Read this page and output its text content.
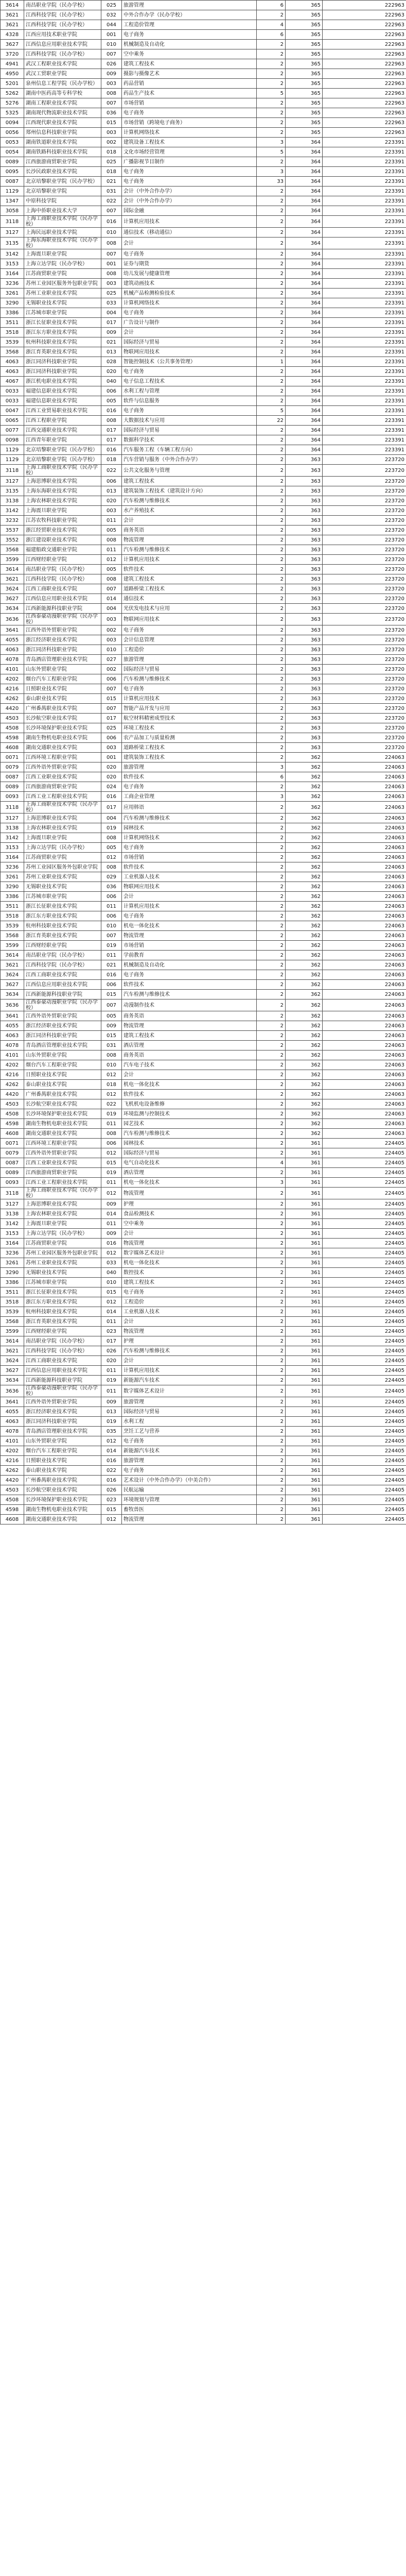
3614	南昌职业学院（民办学校）	025	旅游管理	6	365	222963
3621	江西科技学院（民办学校）	032	中外合作办学（民办学校）	2	365	222963
3621	江西科技学院（民办学校）	044	工程造价管理	4	365	222963
4328	江西应用技术职业学院	001	电子商务	6	365	222963
3627	江西信息应用职业技术学院	010	机械制造及自动化	2	365	222963
3720	江西科技学院（民办学校）	007	空中乘务	2	365	222963
4941	武汉工程职业技术学院	026	建筑工程技术	2	365	222963
4950	武汉工贸职业学院	009	摄影与摄像艺术	2	365	222963
5201	泉州信息工程学院（民办学校）	003	药品营销	2	365	222963
5262	湖南中医药高等专科学校	008	药品生产技术	5	365	222963
5276	湖南工程职业技术学院	007	市场营销	2	365	222963
5325	湖南现代物流职业技术学院	036	电子商务	2	365	222963
0094	江西现代职业技术学院	015	市场营销（跨境电子商务）	2	365	222963
0056	郑州信息科技职业学院	003	计算机网络技术	2	365	222963
0053	湖南铁道职业技术学院	002	建筑设备工程技术	3	364	223391
0054	湖南铁路科技职业技术学院	018	文化市场经营管理	5	364	223391
0089	江西旅游商贸职业学院	025	广播影视节目制作	2	364	223391
0095	长沙民政职业技术学院	018	电子商务	3	364	223391
0087	北京培黎职业学院（民办学校）	021	电子商务	33	364	223391
1129	北京培黎职业学院	031	会计（中外合作办学）	2	364	223391
1347	中原科技学院	022	会计（中外合作办学）	2	364	223391
3058	上海中侨职业技术大学	007	国际金融	2	364	223391
3118	上海工商职业技术学院（民办学校）	016	计算机应用技术	2	364	223391
3127	上海民远职业技术学院	010	通信技术（移动通信）	2	364	223391
3135	上海东海职业技术学院（民办学校）	008	会计	2	364	223391
3142	上海震旦职业学院	007	电子商务	2	364	223391
3153	上海立达学院（民办学校）	001	证券与期货	2	364	223391
3164	江苏商贸职业学院	008	幼儿发展与健康管理	2	364	223391
3236	苏州工业园区服务外包职业学院	003	建筑动画技术	2	364	223391
3261	苏州工业职业技术学院	025	机械产品检测检验技术	2	364	223391
3290	无锡职业技术学院	033	计算机网络技术	2	364	223391
3386	江苏城市职业学院	004	电子商务	2	364	223391
3511	浙江长征职业技术学院	017	广告设计与制作	2	364	223391
3518	浙江东方职业技术学院	009	会计	2	364	223391
3539	杭州科技职业技术学院	021	国际经济与贸易	2	364	223391
3568	浙江育英职业技术学院	013	物联网应用技术	2	364	223391
4063	浙江同济科技职业学院	028	智能控制技术（公共事务管理）	1	364	223391
4063	浙江同济科技职业学院	020	电子商务	2	364	223391
4067	浙江机电职业技术学院	040	电子信息工程技术	2	364	223391
0033	福建信息职业技术学院	006	水利工程与管理	2	364	223391
0033	福建信息职业技术学院	005	软件与信息服务	2	364	223391
0047	江西工业贸易职业技术学院	016	电子商务	5	364	223391
0065	江西工程职业学院	008	大数据技术与应用	22	364	223391
0077	江西交通职业技术学院	017	国际经济与贸易	2	364	223391
0098	江西青年职业学院	017	数据科学技术	2	364	223391
1129	北京培黎职业学院（民办学校）	016	汽车服务工程（车辆工程方向）	2	364	223391
1129	北京培黎职业学院（民办学校）	018	汽车营销与服务（中外合作办学）	2	363	223720
3118	上海工商职业技术学院（民办学校）	022	公共文化服务与管理	2	363	223720
3127	上海思博职业技术学院	006	建筑工程技术	2	363	223720
3135	上海东海职业技术学院	013	建筑装饰工程技术（建筑设计方向）	2	363	223720
3138	上海农林职业技术学院	020	汽车检测与维修技术	2	363	223720
3142	上海震旦职业学院	003	水产养殖技术	2	363	223720
3232	江苏农牧科技职业学院	011	会计	2	363	223720
3537	浙江经贸职业技术学院	005	商务英语	2	363	223720
3552	浙江建设职业技术学院	008	物流管理	2	363	223720
3568	福建船政交通职业学院	011	汽车检测与维修技术	2	363	223720
3599	江西财经职业学院	012	计算机应用技术	2	363	223720
3614	南昌职业学院（民办学校）	005	软件技术	2	363	223720
3621	江西科技学院（民办学校）	008	建筑工程技术	2	363	223720
3624	江西工商职业技术学院	007	道路桥梁工程技术	2	363	223720
3627	江西信息应用职业技术学院	014	通信技术	2	363	223720
3634	江西新能源科技职业学院	004	光伏发电技术与应用	2	363	223720
3636	江西泰豪动漫职业学院（民办学校）	003	物联网应用技术	2	363	223720
3641	江西外语外贸职业学院	002	电子商务	2	363	223720
4055	浙江经济职业技术学院	003	会计信息管理	2	363	223720
4063	浙江同济科技职业学院	010	工程造价	2	363	223720
4078	青岛酒店管理职业技术学院	027	旅游管理	2	363	223720
4101	山东外贸职业学院	002	国际经济与贸易	2	363	223720
4202	烟台汽车工程职业学院	006	汽车检测与维修技术	2	363	223720
4216	日照职业技术学院	007	电子商务	2	363	223720
4262	泰山职业技术学院	015	计算机应用技术	2	363	223720
4420	广州番禺职业技术学院	007	智能产品开发与应用	2	363	223720
4503	长沙航空职业技术学院	017	航空材料精密成型技术	2	363	223720
4508	长沙环境保护职业技术学院	025	环境工程技术	2	363	223720
4598	湖南生物机电职业技术学院	006	农产品加工与质量检测	2	363	223720
4608	湖南交通职业技术学院	003	道路桥梁工程技术	2	363	223720
0071	江西环境工程职业学院	001	建筑装饰工程技术	2	362	224063
0079	江西外语外贸职业学院	020	旅游管理	3	362	224063
0087	江西工业职业技术学院	020	软件技术	6	362	224063
0089	江西旅游商贸职业学院	024	电子商务	2	362	224063
0093	江西工业工程职业技术学院	016	工商企业管理	3	362	224063
3118	上海工商职业技术学院（民办学校）	017	应用韩语	2	362	224063
3127	上海思博职业技术学院	004	汽车检测与维修技术	2	362	224063
3138	上海农林职业技术学院	019	园林技术	2	362	224063
3142	上海震旦职业学院	008	计算机网络技术	2	362	224063
3153	上海立达学院（民办学校）	005	电子商务	2	362	224063
3164	江苏商贸职业学院	012	市场营销	2	362	224063
3236	苏州工业园区服务外包职业学院	008	软件技术	2	362	224063
3261	苏州工业职业技术学院	029	工业机器人技术	2	362	224063
3290	无锡职业技术学院	036	物联网应用技术	2	362	224063
3386	江苏城市职业学院	006	会计	2	362	224063
3511	浙江长征职业技术学院	011	计算机应用技术	2	362	224063
3518	浙江东方职业技术学院	006	电子商务	2	362	224063
3539	杭州科技职业技术学院	010	机电一体化技术	2	362	224063
3568	浙江育英职业技术学院	007	物流管理	2	362	224063
3599	江西财经职业学院	019	市场营销	2	362	224063
3614	南昌职业学院（民办学校）	011	学前教育	2	362	224063
3621	江西科技学院（民办学校）	021	机械制造及自动化	2	362	224063
3624	江西工商职业技术学院	016	电子商务	2	362	224063
3627	江西信息应用职业技术学院	006	软件技术	2	362	224063
3634	江西新能源科技职业学院	015	汽车检测与维修技术	2	362	224063
3636	江西泰豪动漫职业学院（民办学校）	007	动漫制作技术	2	362	224063
3641	江西外语外贸职业学院	005	商务英语	2	362	224063
4055	浙江经济职业技术学院	009	物流管理	2	362	224063
4063	浙江同济科技职业学院	015	建筑工程技术	2	362	224063
4078	青岛酒店管理职业技术学院	031	酒店管理	2	362	224063
4101	山东外贸职业学院	008	商务英语	2	362	224063
4202	烟台汽车工程职业学院	010	汽车电子技术	2	362	224063
4216	日照职业技术学院	012	会计	2	362	224063
4262	泰山职业技术学院	018	机电一体化技术	2	362	224063
4420	广州番禺职业技术学院	012	软件技术	2	362	224063
4503	长沙航空职业技术学院	022	飞机机电设备维修	2	362	224063
4508	长沙环境保护职业技术学院	019	环境监测与控制技术	2	362	224063
4598	湖南生物机电职业技术学院	011	园艺技术	2	362	224063
4608	湖南交通职业技术学院	008	汽车检测与维修技术	2	362	224063
0071	江西环境工程职业学院	006	园林技术	2	361	224405
0079	江西外语外贸职业学院	012	国际经济与贸易	2	361	224405
0087	江西工业职业技术学院	015	电气自动化技术	4	361	224405
0089	江西旅游商贸职业学院	019	酒店管理	2	361	224405
0093	江西工业工程职业技术学院	011	机电一体化技术	3	361	224405
3118	上海工商职业技术学院（民办学校）	012	物流管理	2	361	224405
3127	上海思博职业技术学院	009	护理	2	361	224405
3138	上海农林职业技术学院	014	食品检测技术	2	361	224405
3142	上海震旦职业学院	011	空中乘务	2	361	224405
3153	上海立达学院（民办学校）	009	会计	2	361	224405
3164	江苏商贸职业学院	016	物流管理	2	361	224405
3236	苏州工业园区服务外包职业学院	012	数字媒体艺术设计	2	361	224405
3261	苏州工业职业技术学院	033	机电一体化技术	2	361	224405
3290	无锡职业技术学院	040	数控技术	2	361	224405
3386	江苏城市职业学院	010	建筑工程技术	2	361	224405
3511	浙江长征职业技术学院	015	电子商务	2	361	224405
3518	浙江东方职业技术学院	012	工程造价	2	361	224405
3539	杭州科技职业技术学院	014	工业机器人技术	2	361	224405
3568	浙江育英职业技术学院	011	会计	2	361	224405
3599	江西财经职业学院	023	物流管理	2	361	224405
3614	南昌职业学院（民办学校）	017	护理	2	361	224405
3621	江西科技学院（民办学校）	026	汽车检测与维修技术	2	361	224405
3624	江西工商职业技术学院	020	会计	2	361	224405
3627	江西信息应用职业技术学院	011	计算机应用技术	2	361	224405
3634	江西新能源科技职业学院	019	新能源汽车技术	2	361	224405
3636	江西泰豪动漫职业学院（民办学校）	011	数字媒体艺术设计	2	361	224405
3641	江西外语外贸职业学院	009	旅游管理	2	361	224405
4055	浙江经济职业技术学院	013	国际经济与贸易	2	361	224405
4063	浙江同济科技职业学院	019	水利工程	2	361	224405
4078	青岛酒店管理职业技术学院	035	烹饪工艺与营养	2	361	224405
4101	山东外贸职业学院	012	电子商务	2	361	224405
4202	烟台汽车工程职业学院	014	新能源汽车技术	2	361	224405
4216	日照职业技术学院	016	旅游管理	2	361	224405
4262	泰山职业技术学院	022	电子商务	2	361	224405
4420	广州番禺职业技术学院	016	艺术设计（中外合作办学）（中美合作）	2	361	224405
4503	长沙航空职业技术学院	026	民航运输	2	361	224405
4508	长沙环境保护职业技术学院	023	环境规划与管理	2	361	224405
4598	湖南生物机电职业技术学院	015	畜牧兽医	2	361	224405
4608	湖南交通职业技术学院	012	物流管理	2	361	224405
